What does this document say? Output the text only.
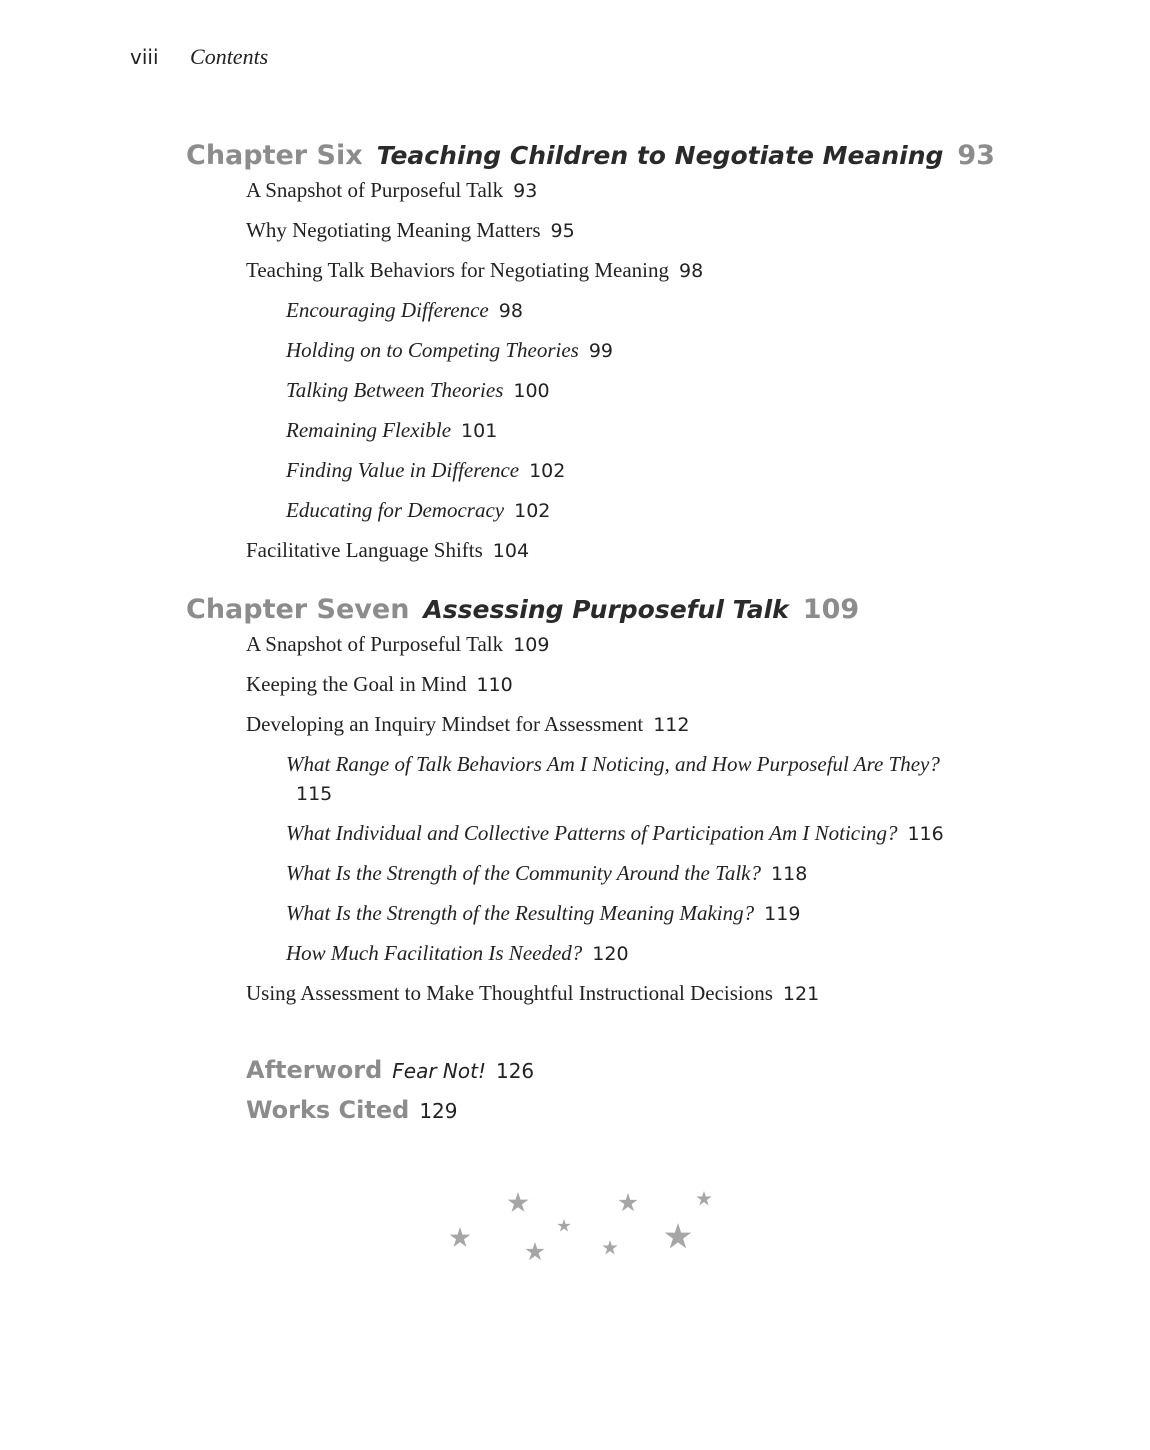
viii Contents
Chapter Six Teaching Children to Negotiate Meaning 93
A Snapshot of Purposeful Talk 93
Why Negotiating Meaning Matters 95
Teaching Talk Behaviors for Negotiating Meaning 98
Encouraging Difference 98
Holding on to Competing Theories 99
Talking Between Theories 100
Remaining Flexible 101
Finding Value in Difference 102
Educating for Democracy 102
Facilitative Language Shifts 104
Chapter Seven Assessing Purposeful Talk 109
A Snapshot of Purposeful Talk 109
Keeping the Goal in Mind 110
Developing an Inquiry Mindset for Assessment 112
What Range of Talk Behaviors Am I Noticing, and How Purposeful Are They?115
What Individual and Collective Patterns of Participation Am I Noticing? 116
What Is the Strength of the Community Around the Talk? 118
What Is the Strength of the Resulting Meaning Making? 119
How Much Facilitation Is Needed? 120
Using Assessment to Make Thoughtful Instructional Decisions 121
Afterword Fear Not! 126
Works Cited 129
